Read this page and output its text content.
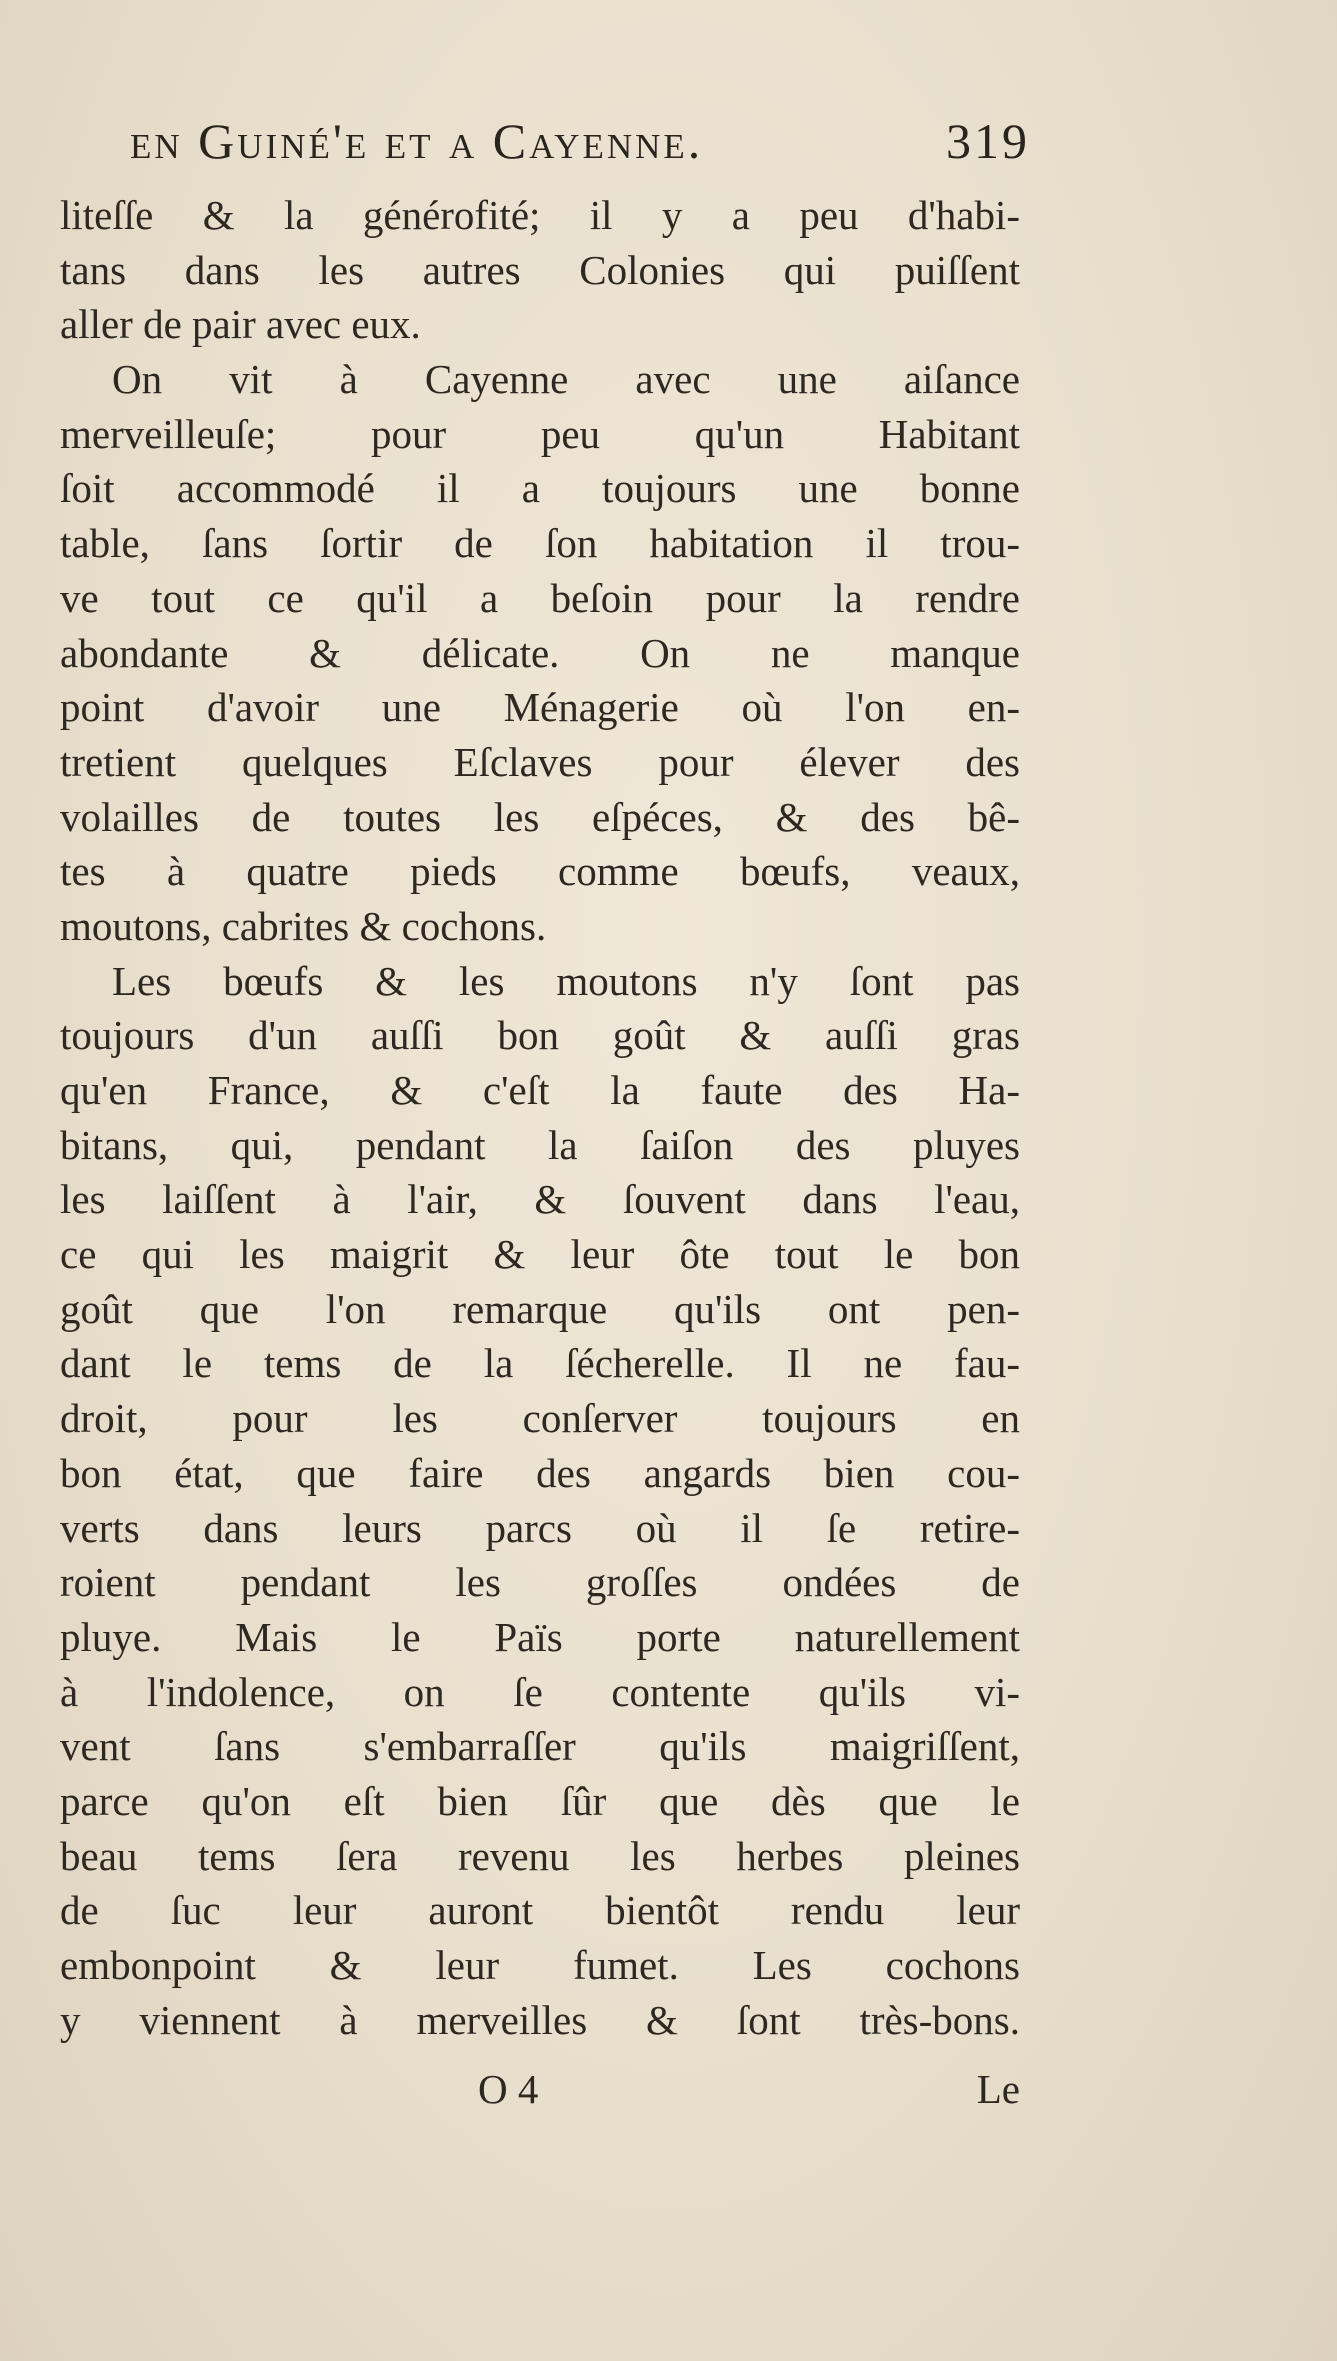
en Guiné'e et a Cayenne.	319
liteſſe & la générofité; il y a peu d'habi-
tans dans les autres Colonies qui puiſſent
aller de pair avec eux.
On vit à Cayenne avec une aiſance
merveilleuſe; pour peu qu'un Habitant
ſoit accommodé il a toujours une bonne
table, ſans ſortir de ſon habitation il trou-
ve tout ce qu'il a beſoin pour la rendre
abondante & délicate. On ne manque
point d'avoir une Ménagerie où l'on en-
tretient quelques Eſclaves pour élever des
volailles de toutes les eſpéces, & des bê-
tes à quatre pieds comme bœufs, veaux,
moutons, cabrites & cochons.
Les bœufs & les moutons n'y ſont pas
toujours d'un auſſi bon goût & auſſi gras
qu'en France, & c'eſt la faute des Ha-
bitans, qui, pendant la ſaiſon des pluyes
les laiſſent à l'air, & ſouvent dans l'eau,
ce qui les maigrit & leur ôte tout le bon
goût que l'on remarque qu'ils ont pen-
dant le tems de la ſécherelle. Il ne fau-
droit, pour les conſerver toujours en
bon état, que faire des angards bien cou-
verts dans leurs parcs où il ſe retire-
roient pendant les groſſes ondées de
pluye. Mais le Païs porte naturellement
à l'indolence, on ſe contente qu'ils vi-
vent ſans s'embarraſſer qu'ils maigriſſent,
parce qu'on eſt bien ſûr que dès que le
beau tems ſera revenu les herbes pleines
de ſuc leur auront bientôt rendu leur
embonpoint & leur fumet. Les cochons
y viennent à merveilles & ſont très-bons.
O 4	Le
